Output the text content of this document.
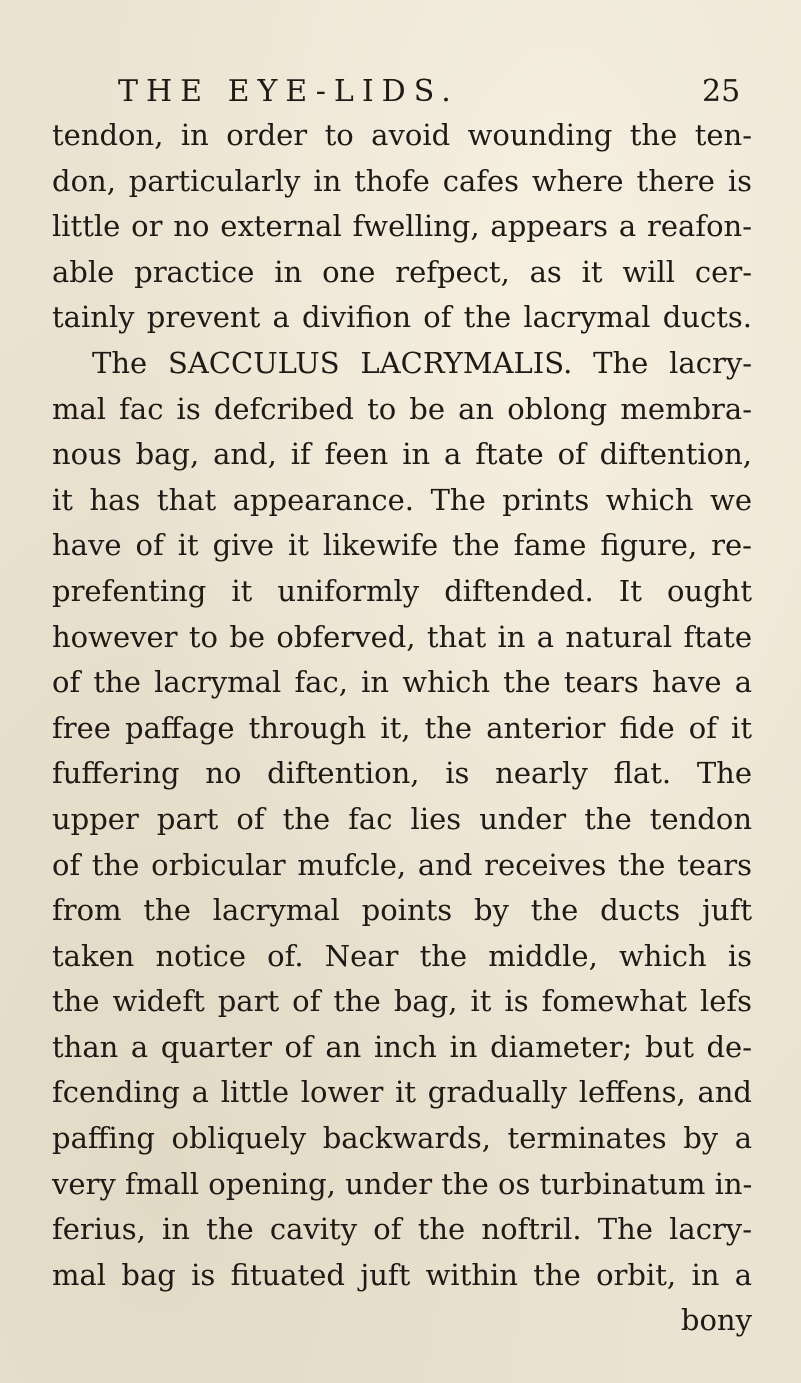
THE EYE-LIDS.	25
tendon, in order to avoid wounding the ten-
don, particularly in thofe cafes where there is
little or no external fwelling, appears a reafon-
able practice in one refpect, as it will cer-
tainly prevent a divifion of the lacrymal ducts.
The SACCULUS LACRYMALIS. The lacry-
mal fac is defcribed to be an oblong membra-
nous bag, and, if feen in a ftate of diftention,
it has that appearance. The prints which we
have of it give it likewife the fame figure, re-
prefenting it uniformly diftended. It ought
however to be obferved, that in a natural ftate
of the lacrymal fac, in which the tears have a
free paffage through it, the anterior fide of it
fuffering no diftention, is nearly flat. The
upper part of the fac lies under the tendon
of the orbicular mufcle, and receives the tears
from the lacrymal points by the ducts juft
taken notice of. Near the middle, which is
the wideft part of the bag, it is fomewhat lefs
than a quarter of an inch in diameter; but de-
fcending a little lower it gradually leffens, and
paffing obliquely backwards, terminates by a
very fmall opening, under the os turbinatum in-
ferius, in the cavity of the noftril. The lacry-
mal bag is fituated juft within the orbit, in a
bony
